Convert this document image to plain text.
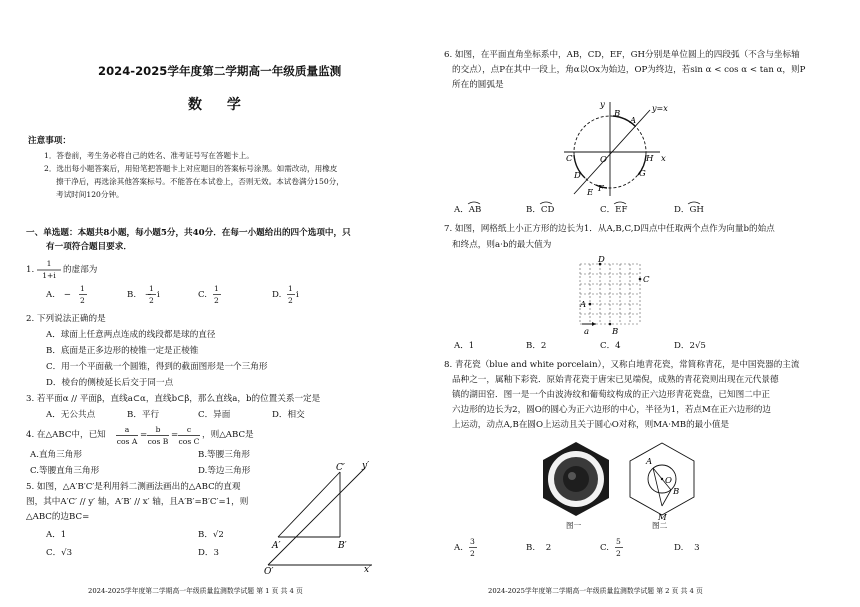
2024-2025学年度第二学期高一年级质量监测
数 学
注意事项：
1．答卷前，考生务必将自己的姓名、准考证号写在答题卡上。
2．选出每小题答案后，用铅笔把答题卡上对应题目的答案标号涂黑。如需改动，用橡皮
擦干净后，再选涂其他答案标号。不能答在本试卷上，否则无效。本试卷满分150分，
考试时间120分钟。
一、单选题：本题共8小题，每小题5分，共40分．在每一小题给出的四个选项中，只
有一项符合题目要求．
1.
1
1+i
的虚部为
A. −
1
2
B. −
1
2
i	C.
1
2
D.
1
2
i
2. 下列说法正确的是
A．球面上任意两点连成的线段都是球的直径
B．底面是正多边形的棱锥一定是正棱锥
C．用一个平面截一个圆锥，得到的截面图形是一个三角形
D．棱台的侧棱延长后交于同一点
3. 若平面α // 平面β，直线a⊂α，直线b⊂β，那么直线a，b的位置关系一定是
A．无公共点	B．平行	C．异面	D．相交
4. 在△ABC中，已知
a
cos A
=
b
cos B
=
c
cos C
，则△ABC是
A.直角三角形	B.等腰三角形
C.等腰直角三角形	D.等边三角形
5. 如图，△A′B′C′是利用斜二测画法画出的△ABC的直观
图，其中A′C′ // y′ 轴，A′B′ // x′ 轴，且A′B′=B′C′=1，则
△ABC的边BC=
A．1	B．√2
C．√3	D．3
C′ y′
A′	B′
O′	x′
2024-2025学年度第二学期高一年级质量监测数学试题 第 1 页 共 4 页
6. 如图，在平面直角坐标系中，AB，CD，EF，GH分别是单位圆上的四段弧（不含与坐标轴
的交点），点P在其中一段上，角α以Ox为始边，OP为终边，若sin α < cos α < tan α，则P
所在的圆弧是
y	y=x
B
A
C	O	H x
D	G
E F
A．AB	B．CD	C．EF	D．GH
7. 如图，网格纸上小正方形的边长为1．从A,B,C,D四点中任取两个点作为向量b的始点
和终点，则a·b的最大值为
D
C
A
B
a
A．1	B．2	C．4	D．2√5
8. 青花瓷（blue and white porcelain），又称白地青花瓷，常简称青花，是中国瓷器的主流
品种之一，属釉下彩瓷．原始青花瓷于唐宋已见端倪，成熟的青花瓷则出现在元代景德
镇的湖田窑．图一是一个由波涛纹和葡萄纹构成的正六边形青花瓷盘，已知图二中正
六边形的边长为2，圆O的圆心为正六边形的中心，半径为1，若点M在正六边形的边
上运动，动点A,B在圆O上运动且关于圆心O对称，则MA·MB的最小值是
图一
A
O
B
M
图二
A.
3
2
B. 2	C.
5
2
D. 3
2024-2025学年度第二学期高一年级质量监测数学试题 第 2 页 共 4 页
